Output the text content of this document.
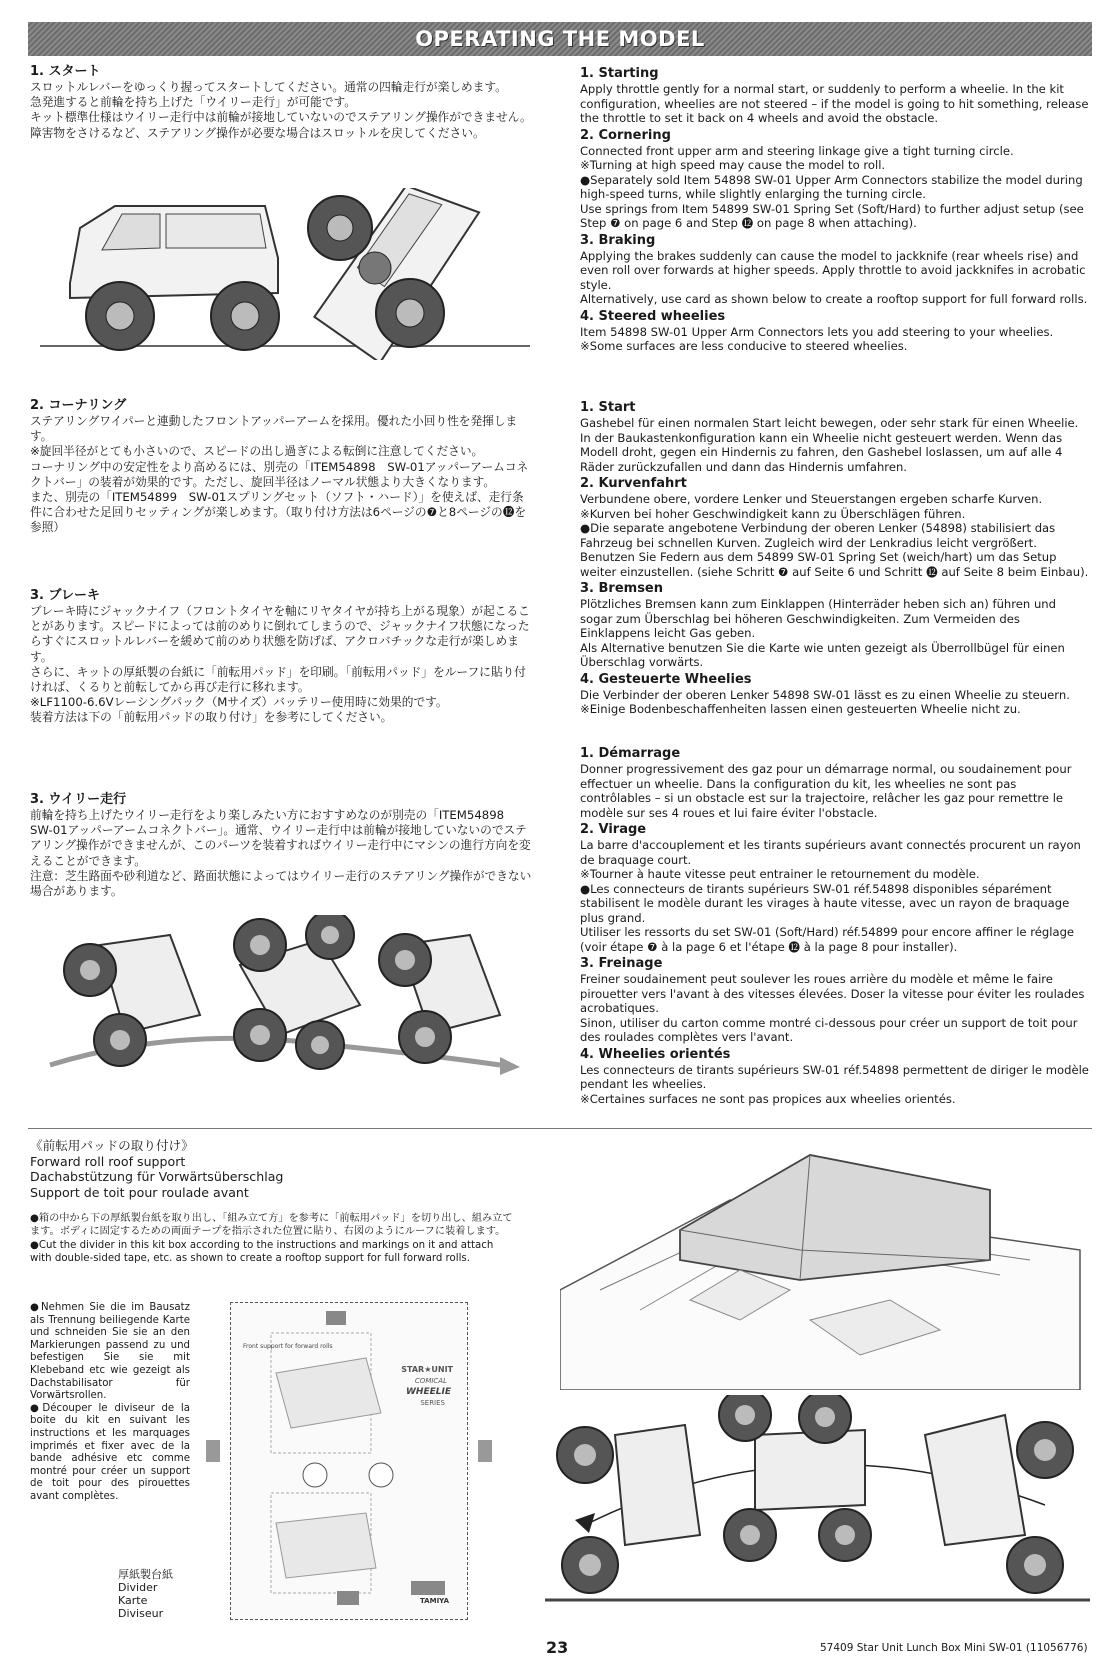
OPERATING THE MODEL

1. スタート

スロットルレバーをゆっくり握ってスタートしてください。通常の四輪走行が楽しめます。

急発進すると前輪を持ち上げた「ウイリー走行」が可能です。

キット標準仕様はウイリー走行中は前輪が接地していないのでステアリング操作ができません。障害物をさけるなど、ステアリング操作が必要な場合はスロットルを戻してください。

2. コーナリング

ステアリングワイパーと連動したフロントアッパーアームを採用。優れた小回り性を発揮します。

※旋回半径がとても小さいので、スピードの出し過ぎによる転倒に注意してください。

コーナリング中の安定性をより高めるには、別売の「ITEM54898　SW-01アッパーアームコネクトバー」の装着が効果的です。ただし、旋回半径はノーマル状態より大きくなります。

また、別売の「ITEM54899　SW-01スプリングセット（ソフト・ハード）」を使えば、走行条件に合わせた足回りセッティングが楽しめます。（取り付け方法は6ページの❼と8ページの⓬を参照）

3. ブレーキ

ブレーキ時にジャックナイフ（フロントタイヤを軸にリヤタイヤが持ち上がる現象）が起こることがあります。スピードによっては前のめりに倒れてしまうので、ジャックナイフ状態になったらすぐにスロットルレバーを緩めて前のめり状態を防げば、アクロバチックな走行が楽しめます。

さらに、キットの厚紙製の台紙に「前転用パッド」を印刷。「前転用パッド」をルーフに貼り付ければ、くるりと前転してから再び走行に移れます。

※LF1100-6.6Vレーシングパック（Mサイズ）バッテリー使用時に効果的です。

装着方法は下の「前転用パッドの取り付け」を参考にしてください。

3. ウイリー走行

前輪を持ち上げたウイリー走行をより楽しみたい方におすすめなのが別売の「ITEM54898　SW-01アッパーアームコネクトバー」。通常、ウイリー走行中は前輪が接地していないのでステアリング操作ができませんが、このパーツを装着すればウイリー走行中にマシンの進行方向を変えることができます。

注意：芝生路面や砂利道など、路面状態によってはウイリー走行のステアリング操作ができない場合があります。

1. Starting

Apply throttle gently for a normal start, or suddenly to perform a wheelie. In the kit configuration, wheelies are not steered – if the model is going to hit something, release the throttle to set it back on 4 wheels and avoid the obstacle.

2. Cornering

Connected front upper arm and steering linkage give a tight turning circle.

※Turning at high speed may cause the model to roll.

●Separately sold Item 54898 SW-01 Upper Arm Connectors stabilize the model during high-speed turns, while slightly enlarging the turning circle.

Use springs from Item 54899 SW-01 Spring Set (Soft/Hard) to further adjust setup (see Step ❼ on page 6 and Step ⓬ on page 8 when attaching).

3. Braking

Applying the brakes suddenly can cause the model to jackknife (rear wheels rise) and even roll over forwards at higher speeds. Apply throttle to avoid jackknifes in acrobatic style.

Alternatively, use card as shown below to create a rooftop support for full forward rolls.

4. Steered wheelies

Item 54898 SW-01 Upper Arm Connectors lets you add steering to your wheelies.

※Some surfaces are less conducive to steered wheelies.

1. Start

Gashebel für einen normalen Start leicht bewegen, oder sehr stark für einen Wheelie. In der Baukastenkonfiguration kann ein Wheelie nicht gesteuert werden. Wenn das Modell droht, gegen ein Hindernis zu fahren, den Gashebel loslassen, um auf alle 4 Räder zurückzufallen und dann das Hindernis umfahren.

2. Kurvenfahrt

Verbundene obere, vordere Lenker und Steuerstangen ergeben scharfe Kurven.

※Kurven bei hoher Geschwindigkeit kann zu Überschlägen führen.

●Die separate angebotene Verbindung der oberen Lenker (54898) stabilisiert das Fahrzeug bei schnellen Kurven. Zugleich wird der Lenkradius leicht vergrößert.

Benutzen Sie Federn aus dem 54899 SW-01 Spring Set (weich/hart) um das Setup weiter einzustellen. (siehe Schritt ❼ auf Seite 6 und Schritt ⓬ auf Seite 8 beim Einbau).

3. Bremsen

Plötzliches Bremsen kann zum Einklappen (Hinterräder heben sich an) führen und sogar zum Überschlag bei höheren Geschwindigkeiten. Zum Vermeiden des Einklappens leicht Gas geben.

Als Alternative benutzen Sie die Karte wie unten gezeigt als Überrollbügel für einen Überschlag vorwärts.

4. Gesteuerte Wheelies

Die Verbinder der oberen Lenker 54898 SW-01 lässt es zu einen Wheelie zu steuern.

※Einige Bodenbeschaffenheiten lassen einen gesteuerten Wheelie nicht zu.

1. Démarrage

Donner progressivement des gaz pour un démarrage normal, ou soudainement pour effectuer un wheelie. Dans la configuration du kit, les wheelies ne sont pas contrôlables – si un obstacle est sur la trajectoire, relâcher les gaz pour remettre le modèle sur ses 4 roues et lui faire éviter l'obstacle.

2. Virage

La barre d'accouplement et les tirants supérieurs avant connectés procurent un rayon de braquage court.

※Tourner à haute vitesse peut entrainer le retournement du modèle.

●Les connecteurs de tirants supérieurs SW-01 réf.54898 disponibles séparément stabilisent le modèle durant les virages à haute vitesse, avec un rayon de braquage plus grand.

Utiliser les ressorts du set SW-01 (Soft/Hard) réf.54899 pour encore affiner le réglage (voir étape ❼ à la page 6 et l'étape ⓬ à la page 8 pour installer).

3. Freinage

Freiner soudainement peut soulever les roues arrière du modèle et même le faire pirouetter vers l'avant à des vitesses élevées. Doser la vitesse pour éviter les roulades acrobatiques.

Sinon, utiliser du carton comme montré ci-dessous pour créer un support de toit pour des roulades complètes vers l'avant.

4. Wheelies orientés

Les connecteurs de tirants supérieurs SW-01 réf.54898 permettent de diriger le modèle pendant les wheelies.

※Certaines surfaces ne sont pas propices aux wheelies orientés.

《前転用パッドの取り付け》

Forward roll roof support

Dachabstützung für Vorwärtsüberschlag

Support de toit pour roulade avant

●箱の中から下の厚紙製台紙を取り出し、「組み立て方」を参考に「前転用パッド」を切り出し、組み立てます。ボディに固定するための両面テープを指示された位置に貼り、右図のようにルーフに装着します。

●Cut the divider in this kit box according to the instructions and markings on it and attach with double-sided tape, etc. as shown to create a rooftop support for full forward rolls.

●Nehmen Sie die im Bausatz als Trennung beiliegende Karte und schneiden Sie sie an den Markierungen passend zu und befestigen Sie sie mit Klebeband etc wie gezeigt als Dachstabilisator für Vorwärtsrollen.

●Découper le diviseur de la boite du kit en suivant les instructions et les marquages imprimés et fixer avec de la bande adhésive etc comme montré pour créer un support de toit pour des pirouettes avant complètes.

厚紙製台紙

Divider

Karte

Diviseur

Front support for forward rolls
STAR★UNIT
COMICAL
WHEELIE
SERIES
TAMIYA
23	57409 Star Unit Lunch Box Mini SW-01 (11056776)
